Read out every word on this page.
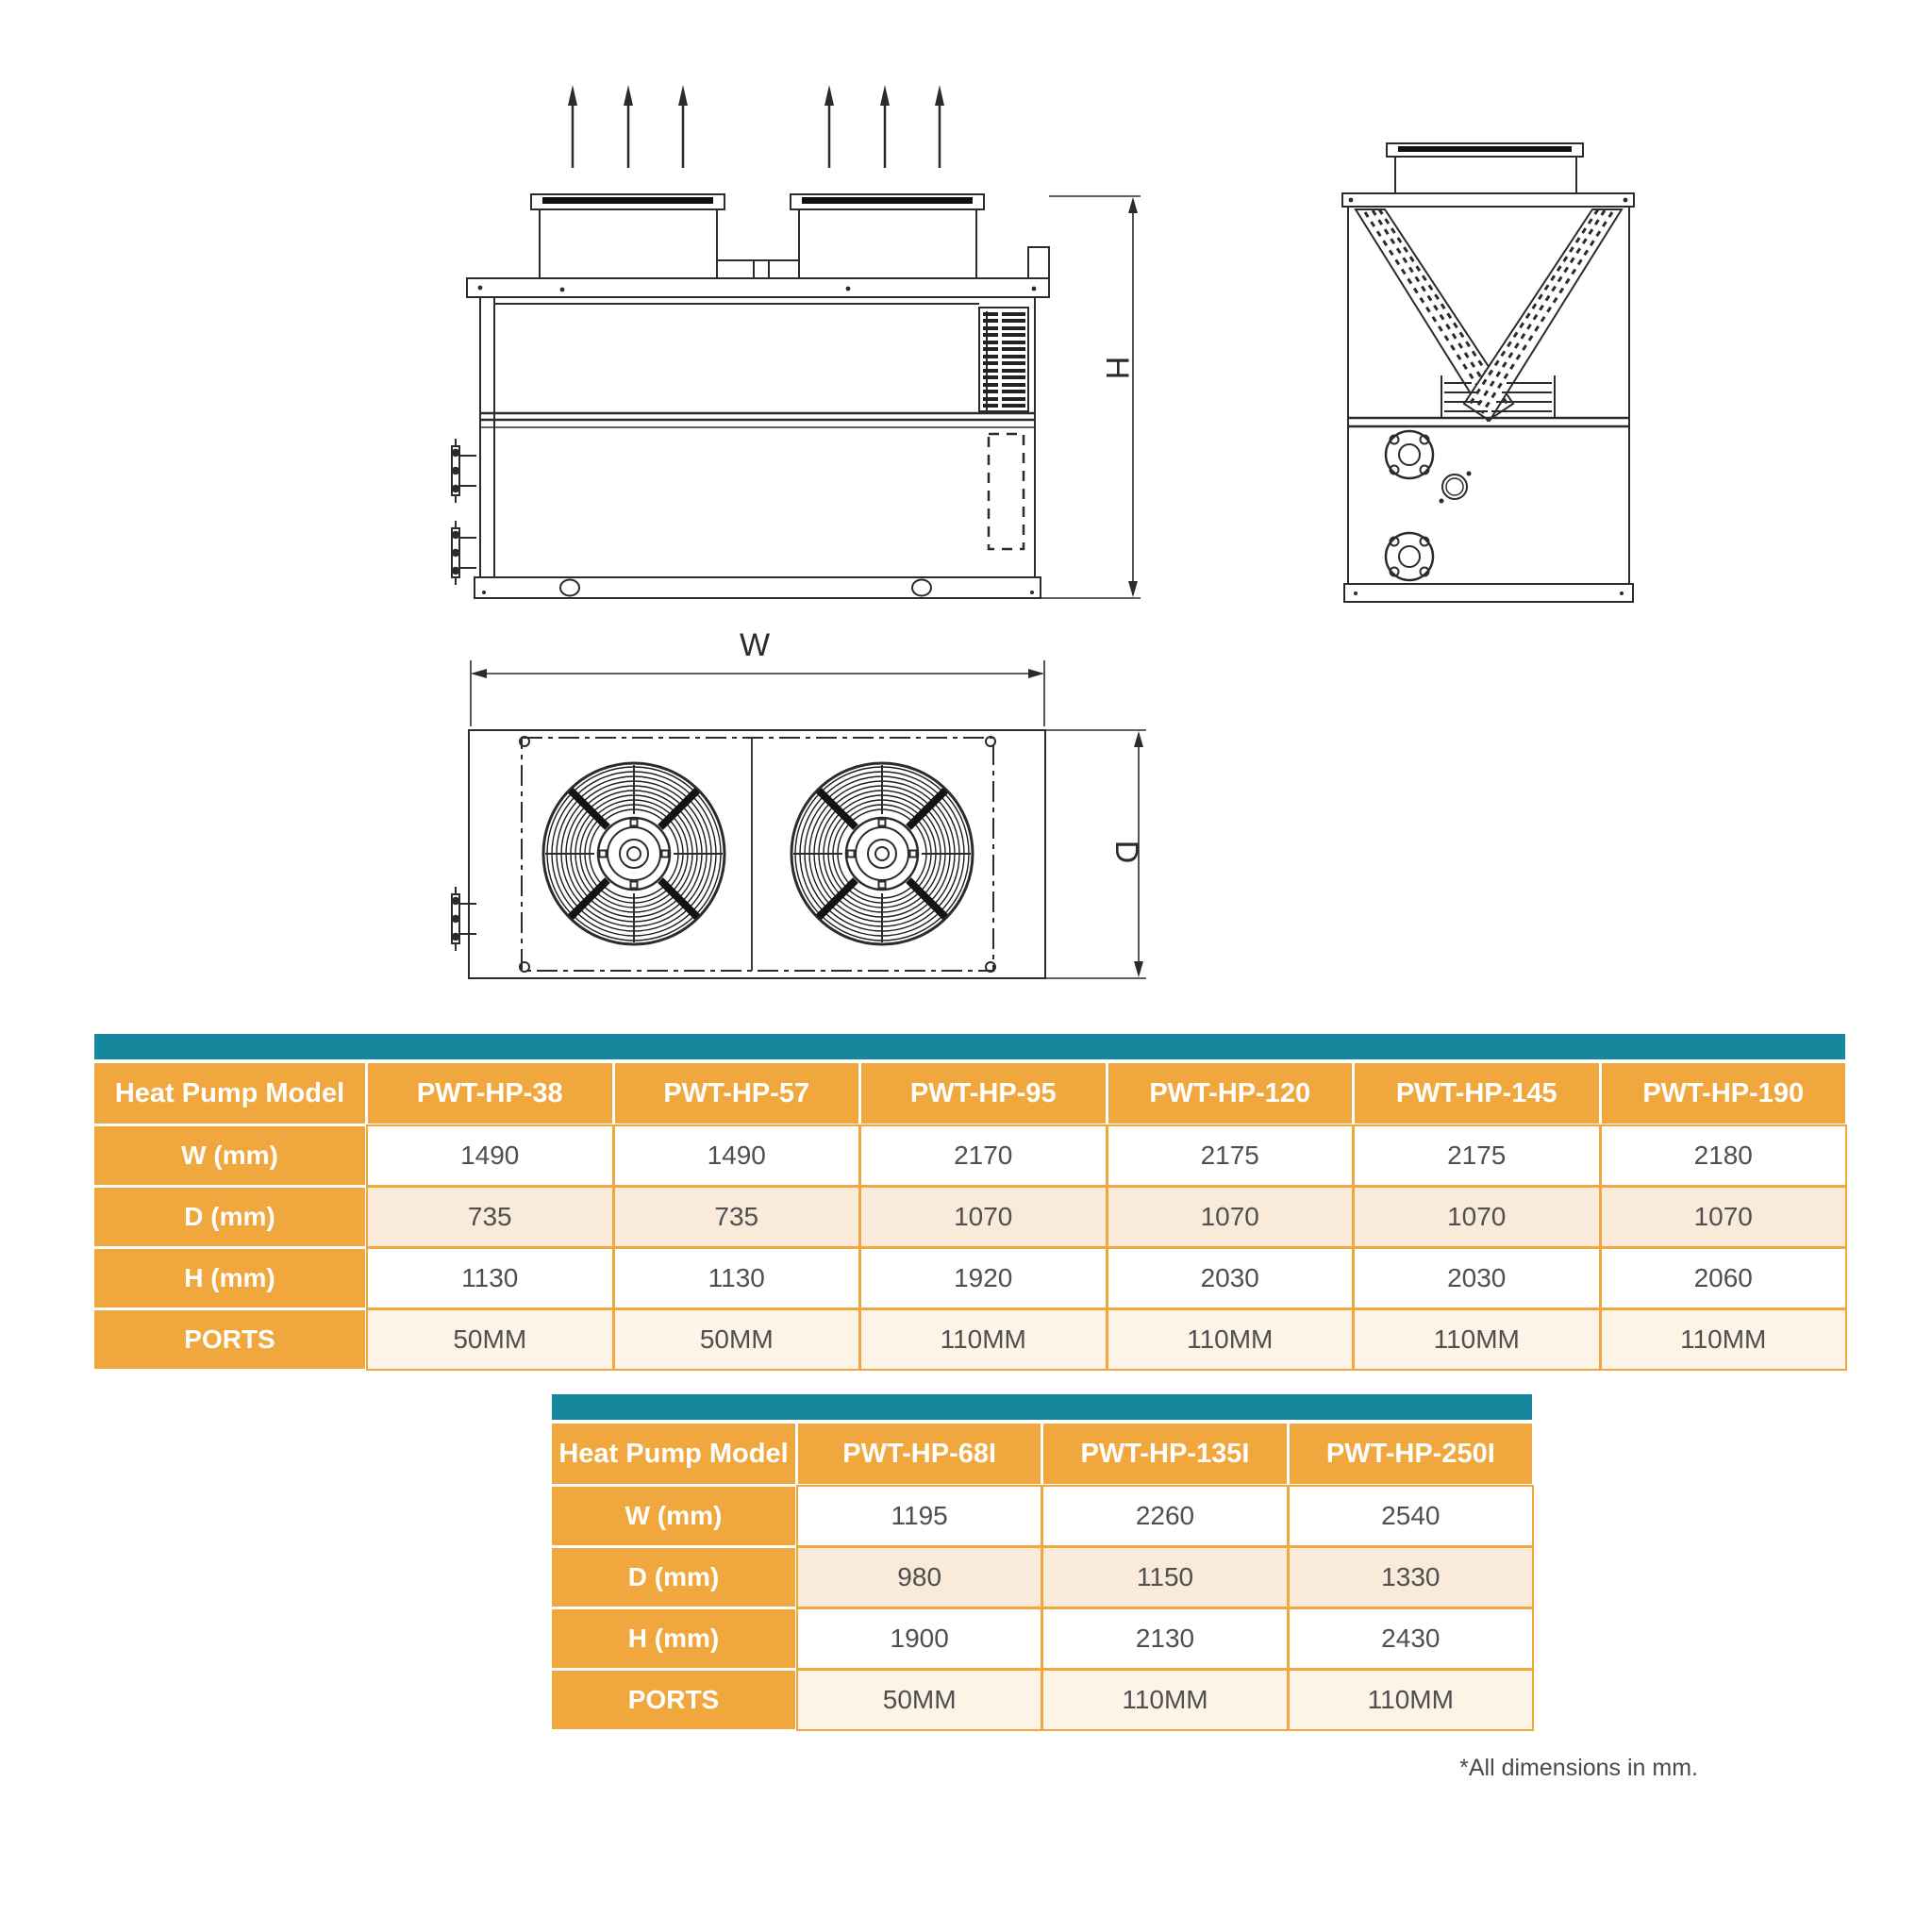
H
W
D
Heat Pump Model	PWT-HP-38	PWT-HP-57	PWT-HP-95	PWT-HP-120	PWT-HP-145	PWT-HP-190
W (mm)	1490	1490	2170	2175	2175	2180
D (mm)	735	735	1070	1070	1070	1070
H (mm)	1130	1130	1920	2030	2030	2060
PORTS	50MM	50MM	110MM	110MM	110MM	110MM
Heat Pump Model	PWT-HP-68I	PWT-HP-135I	PWT-HP-250I
W (mm)	1195	2260	2540
D (mm)	980	1150	1330
H (mm)	1900	2130	2430
PORTS	50MM	110MM	110MM
*All dimensions in mm.
